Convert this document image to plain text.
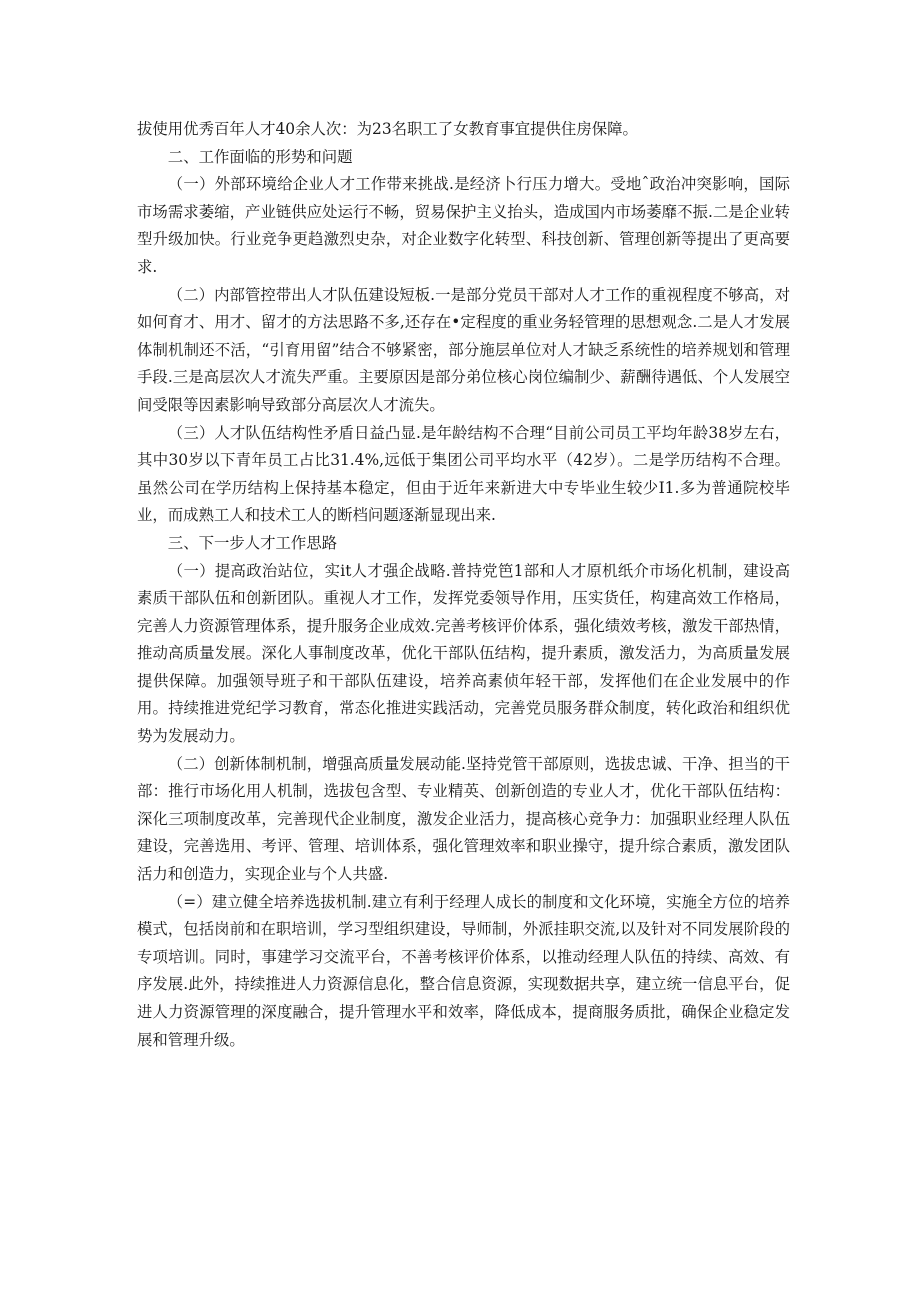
拔使用优秀百年人才40余人次：为23名职工了女教育事宜提供住房保障。

二、工作面临的形势和问题

（一）外部环境给企业人才工作带来挑战.是经济卜行压力增大。受地ˆ政治冲突影响，国际市场需求萎缩，产业链供应处运行不畅，贸易保护主义抬头，造成国内市场萎靡不振.二是企业转型升级加快。行业竞争更趋激烈史杂，对企业数字化转型、科技创新、管理创新等提出了更高要求.

（二）内部管控带出人才队伍建设短板.一是部分党员干部对人才工作的重视程度不够高，对如何育才、用才、留才的方法思路不多,还存在•定程度的重业务轻管理的思想观念.二是人才发展体制机制还不活，“引育用留”结合不够紧密，部分施层单位对人才缺乏系统性的培养规划和管理手段.三是高层次人才流失严重。主要原因是部分弟位核心岗位编制少、薪酬待遇低、个人发展空间受限等因素影响导致部分高层次人才流失。

（三）人才队伍结构性矛盾日益凸显.是年龄结构不合理“目前公司员工平均年龄38岁左右，其中30岁以下青年员工占比31.4%,远低于集团公司平均水平（42岁）。二是学历结构不合理。虽然公司在学历结构上保持基本稳定，但由于近年来新进大中专毕业生较少I1.多为普通院校毕业，而成熟工人和技术工人的断档问题逐渐显现出来.

三、下一步人才工作思路

（一）提高政治站位，实it人才强企战略.普持党笆1部和人才原机纸介市场化机制，建设高素质干部队伍和创新团队。重视人才工作，发挥党委领导作用，压实货任，构建高效工作格局，完善人力资源管理体系，提升服务企业成效.完善考核评价体系，强化绩效考核，激发干部热情，推动高质量发展。深化人事制度改革，优化干部队伍结构，提升素质，激发活力，为高质量发展提供保障。加强领导班子和干部队伍建设，培养高素侦年轻干部，发挥他们在企业发展中的作用。持续推进党纪学习教育，常态化推进实践活动，完善党员服务群众制度，转化政治和组织优势为发展动力。

（二）创新体制机制，增强高质量发展动能.坚持党管干部原则，选拔忠诚、干净、担当的干部：推行市场化用人机制，选拔包含型、专业精英、创新创造的专业人才，优化干部队伍结构：深化三项制度改革，完善现代企业制度，激发企业活力，提高核心竞争力：加强职业经理人队伍建设，完善选用、考评、管理、培训体系，强化管理效率和职业操守，提升综合素质，激发团队活力和创造力，实现企业与个人共盛.

（=）建立健全培养选拔机制.建立有利于经理人成长的制度和文化环境，实施全方位的培养模式，包括岗前和在职培训，学习型组织建设，导师制，外派挂职交流,以及针对不同发展阶段的专项培训。同时，事建学习交流平台，不善考核评价体系，以推动经理人队伍的持续、高效、有序发展.此外，持续推进人力资源信息化，整合信息资源，实现数据共享，建立统一信息平台，促进人力资源管理的深度融合，提升管理水平和效率，降低成本，提商服务质批，确保企业稳定发展和管理升级。
